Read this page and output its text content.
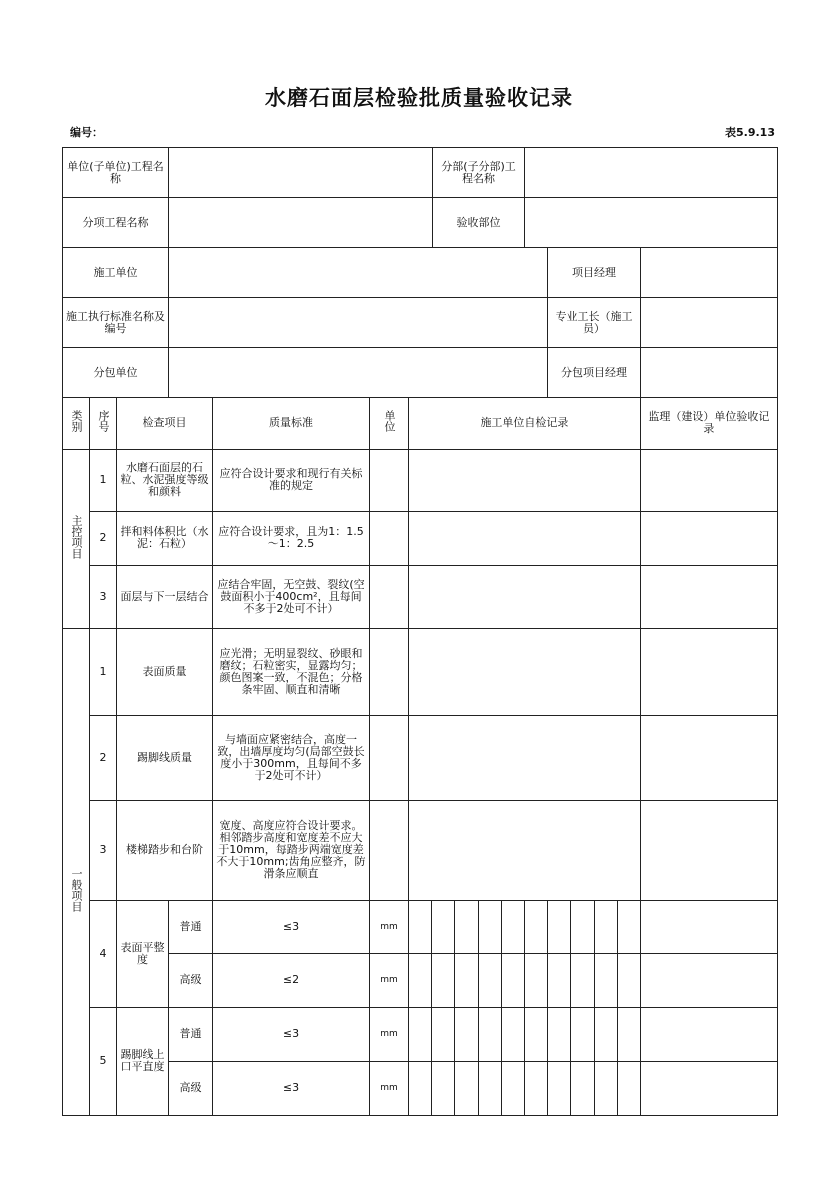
水磨石面层检验批质量验收记录
编号：	表5.9.13
单位(子单位)工程名称		分部(子分部)工程名称			
分项工程名称		验收部位			
施工单位				项目经理	
施工执行标准名称及编号				专业工长（施工员）	
分包单位				分包项目经理	
类别	序号	检查项目		质量标准	单位	施工单位自检记录										监理（建设）单位验收记录
主控项目	1	水磨石面层的石粒、水泥强度等级和颜料		应符合设计要求和现行有关标准的规定												
	2	拌和料体积比（水泥：石粒）		应符合设计要求，且为1：1.5～1：2.5												
	3	面层与下一层结合		应结合牢固，无空鼓、裂纹(空鼓面积小于400cm²，且每间不多于2处可不计）												
一般项目	1	表面质量		应光滑；无明显裂纹、砂眼和磨纹；石粒密实，显露均匀；颜色图案一致，不混色；分格条牢固、顺直和清晰												
	2	踢脚线质量		与墙面应紧密结合，高度一致，出墙厚度均匀(局部空鼓长度小于300mm，且每间不多于2处可不计）												
	3	楼梯踏步和台阶		宽度、高度应符合设计要求。相邻踏步高度和宽度差不应大于10mm，每踏步两端宽度差不大于10mm;齿角应整齐，防滑条应顺直												
	4	表面平整度	普通	≤3	mm											
			高级	≤2	mm											
	5	踢脚线上口平直度	普通	≤3	mm											
			高级	≤3	mm											
